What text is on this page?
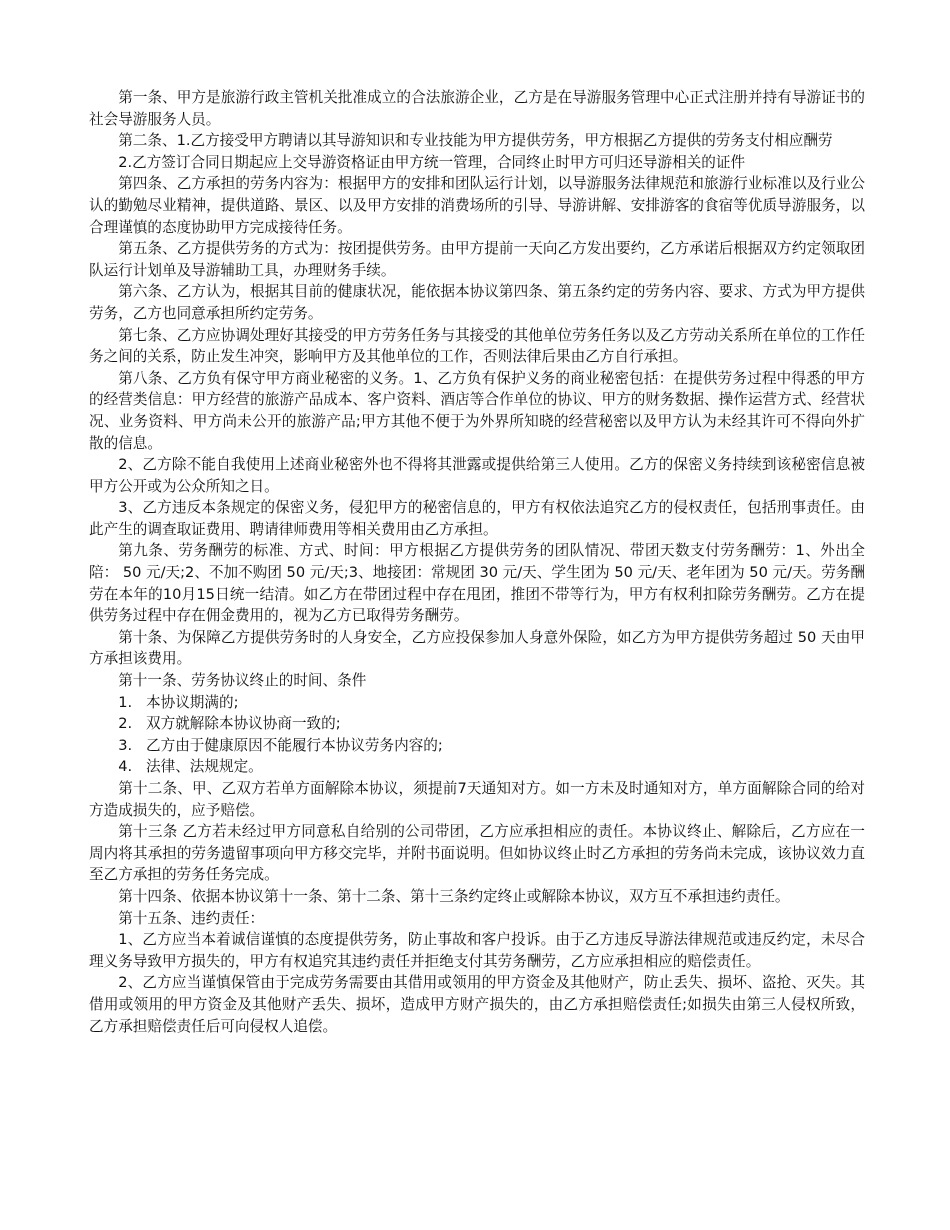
第一条、甲方是旅游行政主管机关批准成立的合法旅游企业，乙方是在导游服务管理中心正式注册并持有导游证书的社会导游服务人员。

第二条、1.乙方接受甲方聘请以其导游知识和专业技能为甲方提供劳务，甲方根据乙方提供的劳务支付相应酬劳

2.乙方签订合同日期起应上交导游资格证由甲方统一管理，合同终止时甲方可归还导游相关的证件

第四条、乙方承担的劳务内容为：根据甲方的安排和团队运行计划，以导游服务法律规范和旅游行业标准以及行业公认的勤勉尽业精神，提供道路、景区、以及甲方安排的消费场所的引导、导游讲解、安排游客的食宿等优质导游服务，以合理谨慎的态度协助甲方完成接待任务。

第五条、乙方提供劳务的方式为：按团提供劳务。由甲方提前一天向乙方发出要约，乙方承诺后根据双方约定领取团队运行计划单及导游辅助工具，办理财务手续。

第六条、乙方认为，根据其目前的健康状况，能依据本协议第四条、第五条约定的劳务内容、要求、方式为甲方提供劳务，乙方也同意承担所约定劳务。

第七条、乙方应协调处理好其接受的甲方劳务任务与其接受的其他单位劳务任务以及乙方劳动关系所在单位的工作任务之间的关系，防止发生冲突，影响甲方及其他单位的工作，否则法律后果由乙方自行承担。

第八条、乙方负有保守甲方商业秘密的义务。1、乙方负有保护义务的商业秘密包括：在提供劳务过程中得悉的甲方的经营类信息：甲方经营的旅游产品成本、客户资料、酒店等合作单位的协议、甲方的财务数据、操作运营方式、经营状况、业务资料、甲方尚未公开的旅游产品;甲方其他不便于为外界所知晓的经营秘密以及甲方认为未经其许可不得向外扩散的信息。

2、乙方除不能自我使用上述商业秘密外也不得将其泄露或提供给第三人使用。乙方的保密义务持续到该秘密信息被甲方公开或为公众所知之日。

3、乙方违反本条规定的保密义务，侵犯甲方的秘密信息的，甲方有权依法追究乙方的侵权责任，包括刑事责任。由此产生的调查取证费用、聘请律师费用等相关费用由乙方承担。

第九条、劳务酬劳的标准、方式、时间：甲方根据乙方提供劳务的团队情况、带团天数支付劳务酬劳：1、外出全陪： 50 元/天;2、不加不购团 50 元/天;3、地接团：常规团 30 元/天、学生团为 50 元/天、老年团为 50 元/天。劳务酬劳在本年的10月15日统一结清。如乙方在带团过程中存在甩团，推团不带等行为，甲方有权利扣除劳务酬劳。乙方在提供劳务过程中存在佣金费用的，视为乙方已取得劳务酬劳。

第十条、为保障乙方提供劳务时的人身安全，乙方应投保参加人身意外保险，如乙方为甲方提供劳务超过 50 天由甲方承担该费用。

第十一条、劳务协议终止的时间、条件

1.   本协议期满的;

2.   双方就解除本协议协商一致的;

3.   乙方由于健康原因不能履行本协议劳务内容的;

4.   法律、法规规定。

第十二条、甲、乙双方若单方面解除本协议，须提前7天通知对方。如一方未及时通知对方，单方面解除合同的给对方造成损失的，应予赔偿。

第十三条 乙方若未经过甲方同意私自给别的公司带团，乙方应承担相应的责任。本协议终止、解除后，乙方应在一周内将其承担的劳务遗留事项向甲方移交完毕，并附书面说明。但如协议终止时乙方承担的劳务尚未完成，该协议效力直至乙方承担的劳务任务完成。

第十四条、依据本协议第十一条、第十二条、第十三条约定终止或解除本协议，双方互不承担违约责任。

第十五条、违约责任：

1、乙方应当本着诚信谨慎的态度提供劳务，防止事故和客户投诉。由于乙方违反导游法律规范或违反约定，未尽合理义务导致甲方损失的，甲方有权追究其违约责任并拒绝支付其劳务酬劳，乙方应承担相应的赔偿责任。

2、乙方应当谨慎保管由于完成劳务需要由其借用或领用的甲方资金及其他财产，防止丢失、损坏、盗抢、灭失。其借用或领用的甲方资金及其他财产丢失、损坏，造成甲方财产损失的，由乙方承担赔偿责任;如损失由第三人侵权所致，乙方承担赔偿责任后可向侵权人追偿。
